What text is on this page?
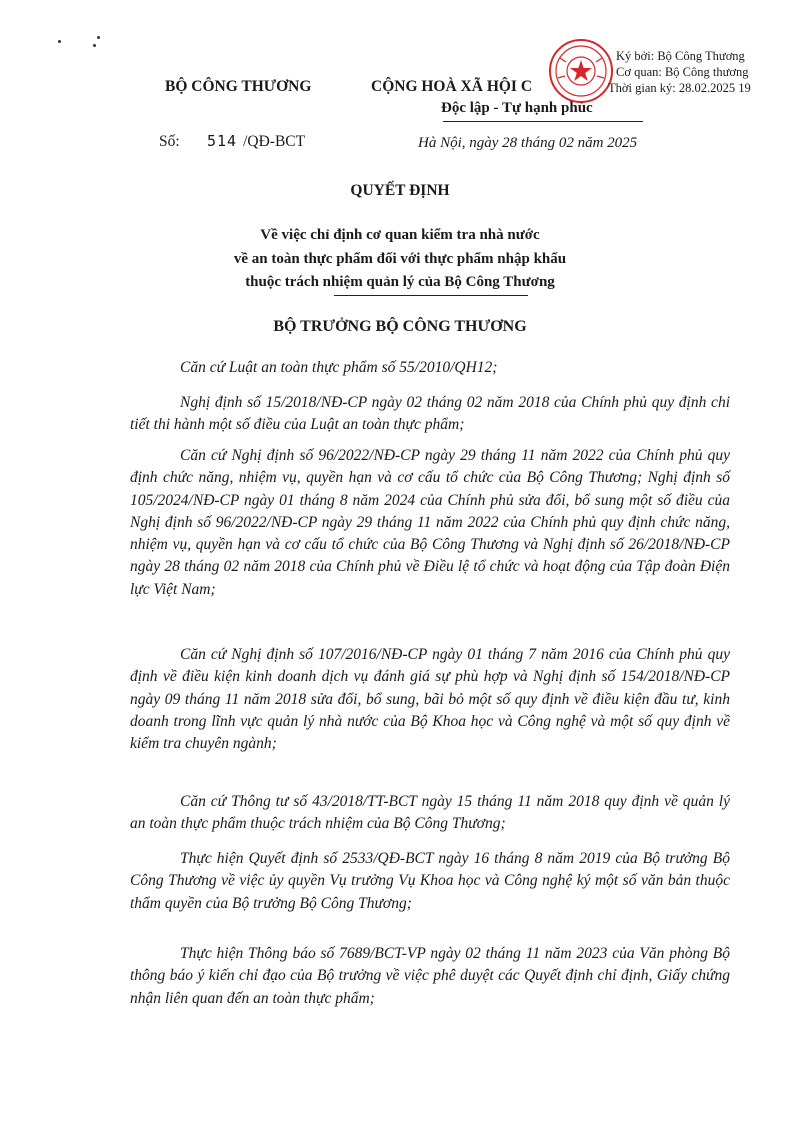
BỘ CÔNG THƯƠNG	CỘNG HOÀ XÃ HỘI C
Độc lập - Tự hạnh phúc
Số: 514 /QĐ-BCT	Hà Nội, ngày 28 tháng 02 năm 2025
Ký bởi: Bộ Công Thương
Cơ quan: Bộ Công thương
Thời gian ký: 28.02.2025 19
QUYẾT ĐỊNH
Về việc chỉ định cơ quan kiểm tra nhà nước
về an toàn thực phẩm đối với thực phẩm nhập khẩu
thuộc trách nhiệm quản lý của Bộ Công Thương
BỘ TRƯỞNG BỘ CÔNG THƯƠNG
Căn cứ Luật an toàn thực phẩm số 55/2010/QH12;
Nghị định số 15/2018/NĐ-CP ngày 02 tháng 02 năm 2018 của Chính phủ quy định chi tiết thi hành một số điều của Luật an toàn thực phẩm;
Căn cứ Nghị định số 96/2022/NĐ-CP ngày 29 tháng 11 năm 2022 của Chính phủ quy định chức năng, nhiệm vụ, quyền hạn và cơ cấu tổ chức của Bộ Công Thương; Nghị định số 105/2024/NĐ-CP ngày 01 tháng 8 năm 2024 của Chính phủ sửa đổi, bổ sung một số điều của Nghị định số 96/2022/NĐ-CP ngày 29 tháng 11 năm 2022 của Chính phủ quy định chức năng, nhiệm vụ, quyền hạn và cơ cấu tổ chức của Bộ Công Thương và Nghị định số 26/2018/NĐ-CP ngày 28 tháng 02 năm 2018 của Chính phủ về Điều lệ tổ chức và hoạt động của Tập đoàn Điện lực Việt Nam;
Căn cứ Nghị định số 107/2016/NĐ-CP ngày 01 tháng 7 năm 2016 của Chính phủ quy định về điều kiện kinh doanh dịch vụ đánh giá sự phù hợp và Nghị định số 154/2018/NĐ-CP ngày 09 tháng 11 năm 2018 sửa đổi, bổ sung, bãi bỏ một số quy định về điều kiện đầu tư, kinh doanh trong lĩnh vực quản lý nhà nước của Bộ Khoa học và Công nghệ và một số quy định về kiểm tra chuyên ngành;
Căn cứ Thông tư số 43/2018/TT-BCT ngày 15 tháng 11 năm 2018 quy định về quản lý an toàn thực phẩm thuộc trách nhiệm của Bộ Công Thương;
Thực hiện Quyết định số 2533/QĐ-BCT ngày 16 tháng 8 năm 2019 của Bộ trưởng Bộ Công Thương về việc ủy quyền Vụ trưởng Vụ Khoa học và Công nghệ ký một số văn bản thuộc thẩm quyền của Bộ trưởng Bộ Công Thương;
Thực hiện Thông báo số 7689/BCT-VP ngày 02 tháng 11 năm 2023 của Văn phòng Bộ thông báo ý kiến chỉ đạo của Bộ trưởng về việc phê duyệt các Quyết định chỉ định, Giấy chứng nhận liên quan đến an toàn thực phẩm;
